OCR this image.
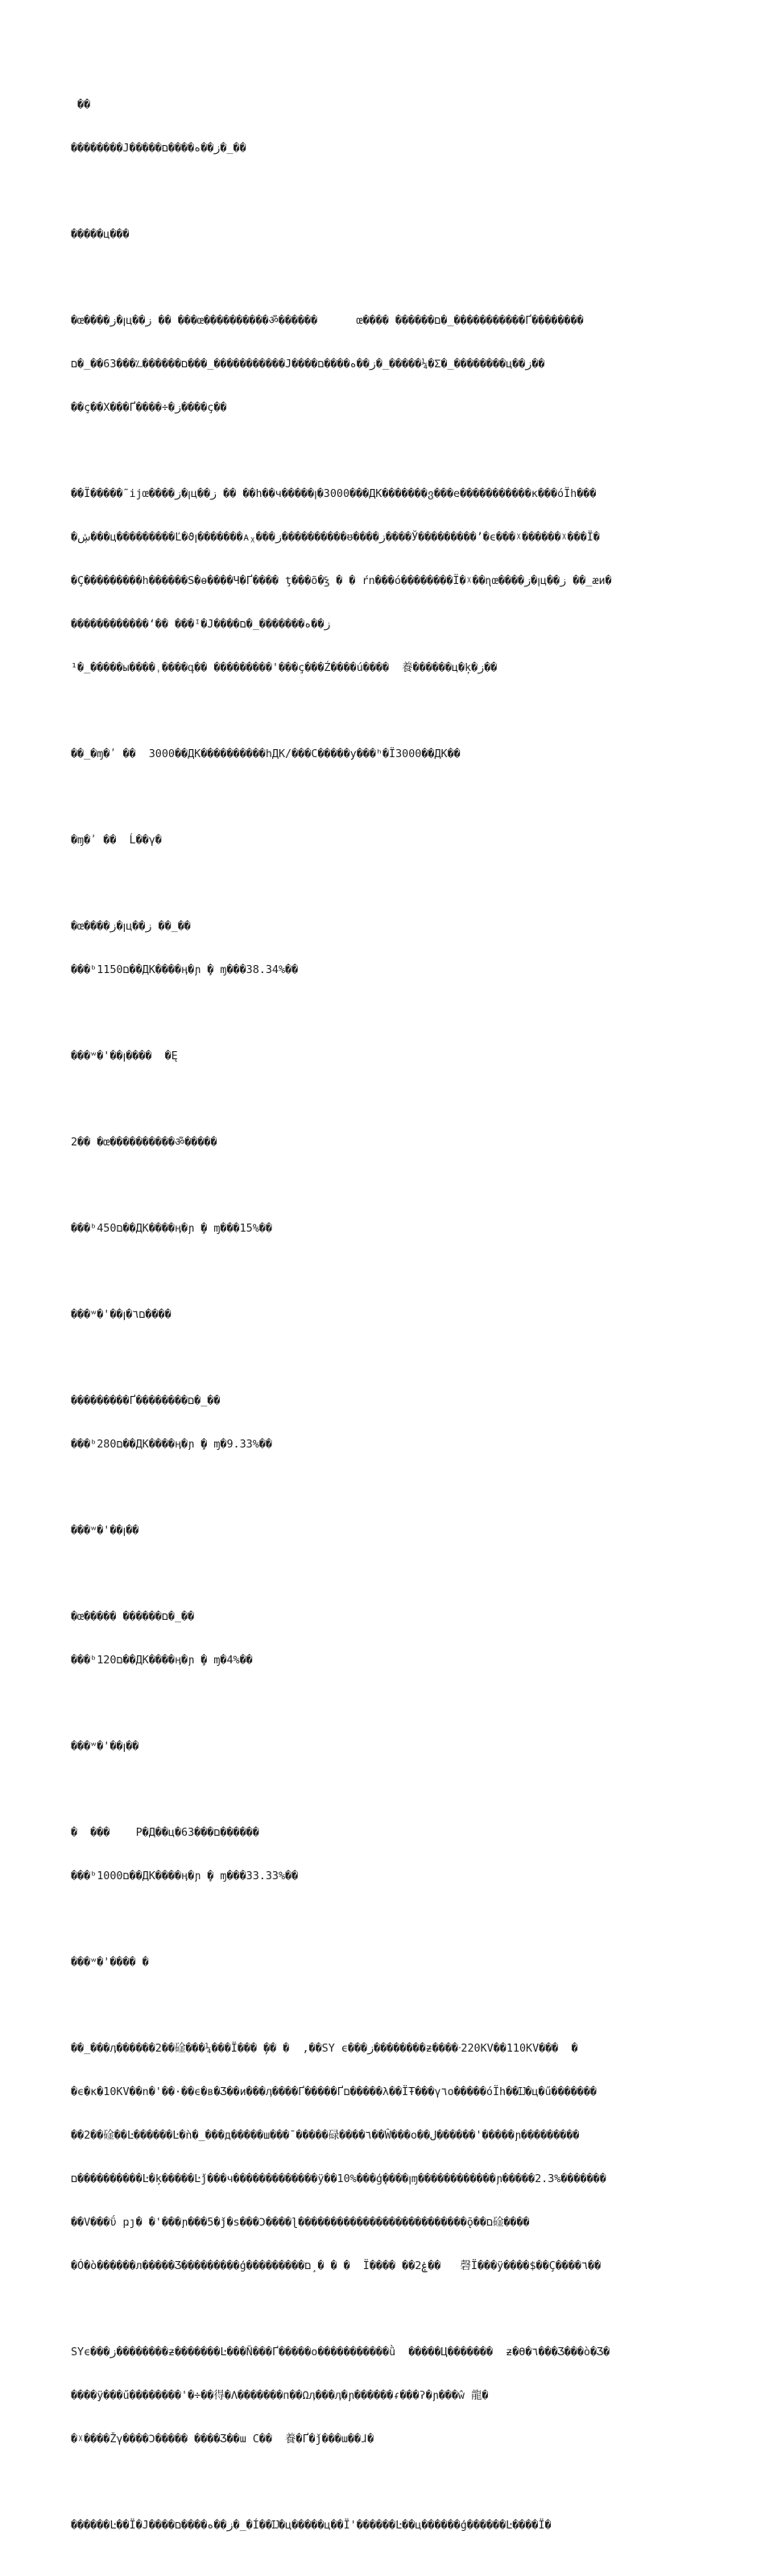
��

��������J�����ز��ه����ם�_��

�����ц���

�œ����ز�ꞁц��ز �� ���œ����������ॐ������      œ���� ������ם�_�����������Ґ��������

ם������؊���63��_�ם���_�����������J����ز��ه����ם�_�����¼�Σ�_��������ц��ز��

��ç��X���Ґ����÷�ز����ç��

��Ï�����˜ijœ����ز�ꞁц��ز �� ��h��ч�����ꞁ�3000���ДК�������ვ���e�����������к���óÏh���

�ڜ���ц���������Ľ�ϑꞁ�������ᴀᵪ���ز����������ᵿ����ز����Ў���������ʼ�ϵ���ᵡ������ᵡ���Ï�

�Ç���������h������Ѕ�ѳ����Ч�Ґ���� ţ���õ�ꝣ � � ŕn���ó��������Ï�ᵡ��ɳœ����ز�ꞁц��ز ��_æи�

������������ʻ�� ���ᴵ�J����ز��ه�������_�ם

¹�_�����ы����ˌ����գ�� ���������'���ç���Ź����ú����  養������ц�ķ�ز��

��_�ɱ�ʹ ��  3000��ДК����������hДК/���C�����у���ʰ�Ï3000��ДК��

�ɱ�ʹ ��  Ĺ��γ�

�œ����ز�ꞁц��ز ��_��

���ᵇם1150��ДК����ӊ�ɲ ̧� ɱ���38.34%��

���ʷ�'��ꞁ����  �Ę

2�� �œ����������ॐ�����

���ᵇם450��ДК����ӊ�ɲ ̧� ɱ���15%��

���ʷ�'��ꞁ�ם٦����

���������Ґ��������ם�_��

���ᵇם280��ДК����ӊ�ɲ ̧� ɱ�9.33%��

���ʷ�'��ꞁ��

�œ����� ������ם�_��

���ᵇם120��ДК����ӊ�ɲ ̧� ɱ�4%��

���ʷ�'��ꞁ��

�  ���    P�Д��ц�63���ם������

���ᵇם1000��ДК����ӊ�ɲ ̧� ɱ���33.33%��

���ʷ�'���� �

��_���ӆ������2��碒���¼���Ï��� ̦�� �  ,��SY ϵ���ز��������ƶ����ᐧ220KV��110KV���  �

�ϵ�к�10KV��n�'��·��ϵ�в�Ʒ��и���ӆ����Ґ�����Ґם�����λ��ÏŦ���γ٦ο�����óÏh��Ĳ�ц�ű�������

��2��碒��Ŀ������Ŀ�ǹ�_���д�����ш���¯�����碌����٦��Ŵ���ο��ل������'�����ɲ���������

ם����������Ŀ�ķ�����Ŀǰ���ч�������������ÿ��10%���ģ̨����ꞁɱ������������ɲ�����2.3%�������

��V���ΰ ҏȷ� �'���ɲ���5�ǰ�ѕ���Ͻ����ɭ��������������������������ǭ��ם碒����

�Ó�ò������л�����Ʒ���������ģ���������ם ̧� � �  Ï���� ��ۼ2��   磬Ï���ÿ����$��Ç����٦��

SYϵ���ز��������ƶ�������Ŀ���Ñ���Ґ�����ο�����������ǜ  �����Ц�������  ƶ�ϴ�٦���Ʒ���ò�Ʒ�

����ÿ���ű��������'�÷��得�Λ�������п��Ωӆ���ӆ�ɲ������ᵳ���ʔ�ɲ���ŵ 龍�

�ᵡ����Žγ����Ͻ����� ����Ʒ��ɯ C��  養�Ґ�ǰ���ɯ��ɺ�

������Ŀ��Ï�J����ز��ه����ם�_�Í��Ĳ�ц�����ц��Ï'������Ŀ��ц������ģ������Ŀ����Ï�
